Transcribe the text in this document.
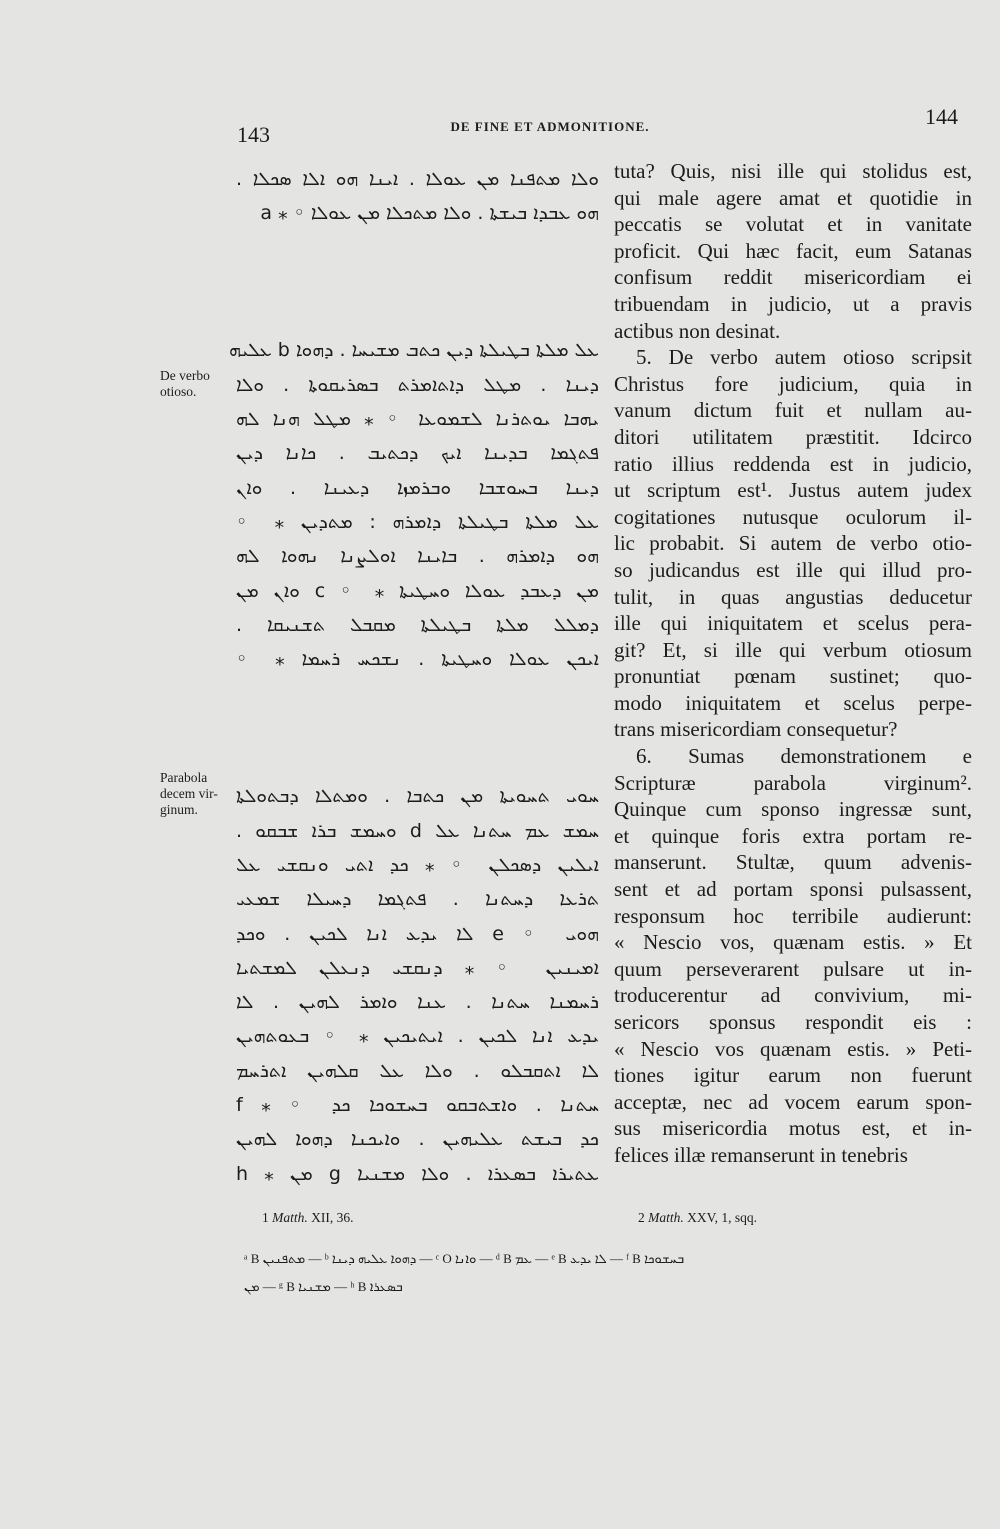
143	DE FINE ET ADMONITIONE.	144
De verbo
otioso.
Parabola
decem vir-
ginum.
ܘܠܐ ܡܬܦܢܐ ܡܢ ܥܘܠܐ . ܐܝܢܐ ܗܘ ܐܠܐ ܣܟܠܐ .
ܗܘ ܥܒܕܐ ܒܝܫܬܐ . ܘܠܐ ܡܬܟܠܐ ܡܢ ܥܘܠܐ ◦ ⁎ a
ܥܠ ܡܠܬܐ ܒܛܝܠܬܐ ܕܝܢ ܟܬܒ ܡܫܝܚܐ . ܕܗܘܐ b ܥܠܝܗ
ܕܝܢܐ . ܡܛܠ ܕܐܬܐܡܪܬ ܒܣܪܝܩܘܬܐ . ܘܠܐ
ܝܗܒܐ ܝܘܬܪܢܐ ܠܫܡܘܥܐ ◦ ⁎ ܡܛܠ ܗܢܐ ܠܗ
ܦܬܓܡܐ ܒܕܝܢܐ ܐܝܟ ܕܟܬܝܒ . ܟܐܢܐ ܕܝܢ
ܕܝܢܐ ܒܚܘܫܒܐ ܘܒܪܡܙܐ ܕܥܝܢܐ . ܘܐܢ
ܥܠ ܡܠܬܐ ܒܛܝܠܬܐ ܕܐܡܪܗ : ܡܬܕܝܢ ⁎ ◦
ܗܘ ܕܐܡܪܗ . ܒܐܝܢܐ ܐܘܠܨܢܐ ܢܗܘܐ ܠܗ
ܡܢ ܕܥܒܕ ܥܘܠܐ ܘܚܛܝܬܐ ⁎ ◦ c ܘܐܢ ܡܢ
ܕܡܠܠ ܡܠܬܐ ܒܛܝܠܬܐ ܡܩܒܠ ܬܫܢܝܩܐ .
ܐܝܟܢ ܥܘܠܐ ܘܚܛܝܬܐ . ܢܫܟܚ ܪܚܡܐ ⁎ ◦
ܚܘܝ ܬܚܘܝܬܐ ܡܢ ܟܬܒܐ . ܘܡܬܠܐ ܕܒܬܘܠܬܐ
ܚܡܫ ܥܡ ܚܬܢܐ ܥܠ d ܘܚܡܫ ܒܪܐ ܫܒܩܘ .
ܐܝܠܝܢ ܕܣܟܠܢ ◦ ⁎ ܟܕ ܐܬܝ ܘܢܩܫܝ ܥܠ
ܬܪܥܐ ܕܚܬܢܐ . ܦܬܓܡܐ ܕܚܝܠܐ ܫܡܥܝ
ܗܘܝ ◦ e ܠܐ ܝܕܥ ܐܢܐ ܠܟܝܢ . ܘܟܕ
ܐܡܝܢܝܢ ◦ ⁎ ܕܢܩܫܝ ܕܢܥܠܢ ܠܡܫܬܝܐ
ܪܚܡܢܐ ܚܬܢܐ . ܥܢܐ ܘܐܡܪ ܠܗܝܢ . ܠܐ
ܝܕܥ ܐܢܐ ܠܟܝܢ . ܐܝܬܝܟܝܢ ⁎ ◦ ܒܥܘܬܗܝܢ
ܠܐ ܐܬܩܒܠܘ . ܘܠܐ ܥܠ ܩܠܗܝܢ ܐܬܪܚܡ
ܚܬܢܐ . ܘܐܫܬܒܩܘ ܒܚܫܘܟܐ ܟܕ ◦ ⁎ f
ܟܕ ܒܝܫܬ ܥܠܝܗܝܢ . ܘܐܝܟܢܐ ܕܗܘܐ ܠܗܝܢ
ܥܬܝܪܐ ܒܣܥܪܐ . ܘܠܐ ܡܫܢܝܐ g ܡܢ ⁎ h
tuta? Quis, nisi ille qui stolidus est,
qui male agere amat et quotidie in
peccatis se volutat et in vanitate
proficit. Qui hæc facit, eum Satanas
confisum reddit misericordiam ei
tribuendam in judicio, ut a pravis
actibus non desinat.
5. De verbo autem otioso scripsit
Christus fore judicium, quia in
vanum dictum fuit et nullam au-
ditori utilitatem præstitit. Idcirco
ratio illius reddenda est in judicio,
ut scriptum est¹. Justus autem judex
cogitationes nutusque oculorum il-
lic probabit. Si autem de verbo otio-
so judicandus est ille qui illud pro-
tulit, in quas angustias deducetur
ille qui iniquitatem et scelus pera-
git? Et, si ille qui verbum otiosum
pronuntiat pœnam sustinet; quo-
modo iniquitatem et scelus perpe-
trans misericordiam consequetur?
6. Sumas demonstrationem e
Scripturæ parabola virginum².
Quinque cum sponso ingressæ sunt,
et quinque foris extra portam re-
manserunt. Stultæ, quum advenis-
sent et ad portam sponsi pulsassent,
responsum hoc terribile audierunt:
« Nescio vos, quænam estis. » Et
quum perseverarent pulsare ut in-
troducerentur ad convivium, mi-
sericors sponsus respondit eis :
« Nescio vos quænam estis. » Peti-
tiones igitur earum non fuerunt
acceptæ, nec ad vocem earum spon-
sus misericordia motus est, et in-
felices illæ remanserunt in tenebris
1 Matth. XII, 36.	2 Matth. XXV, 1, sqq.
ᵃ B ܡܬܦܢܝܢ — ᵇ ܕܗܘܐ ܥܠܝܗ ܕܝܢܐ — ᶜ O ܘܐܢܐ — ᵈ B ܥܡ — ᵉ B ܠܐ ܝܕܥ — ᶠ B ܒܚܫܘܟܐ
ܡܢ — ᵍ B ܡܫܢܝܐ — ʰ B ܒܣܥܪܐ
